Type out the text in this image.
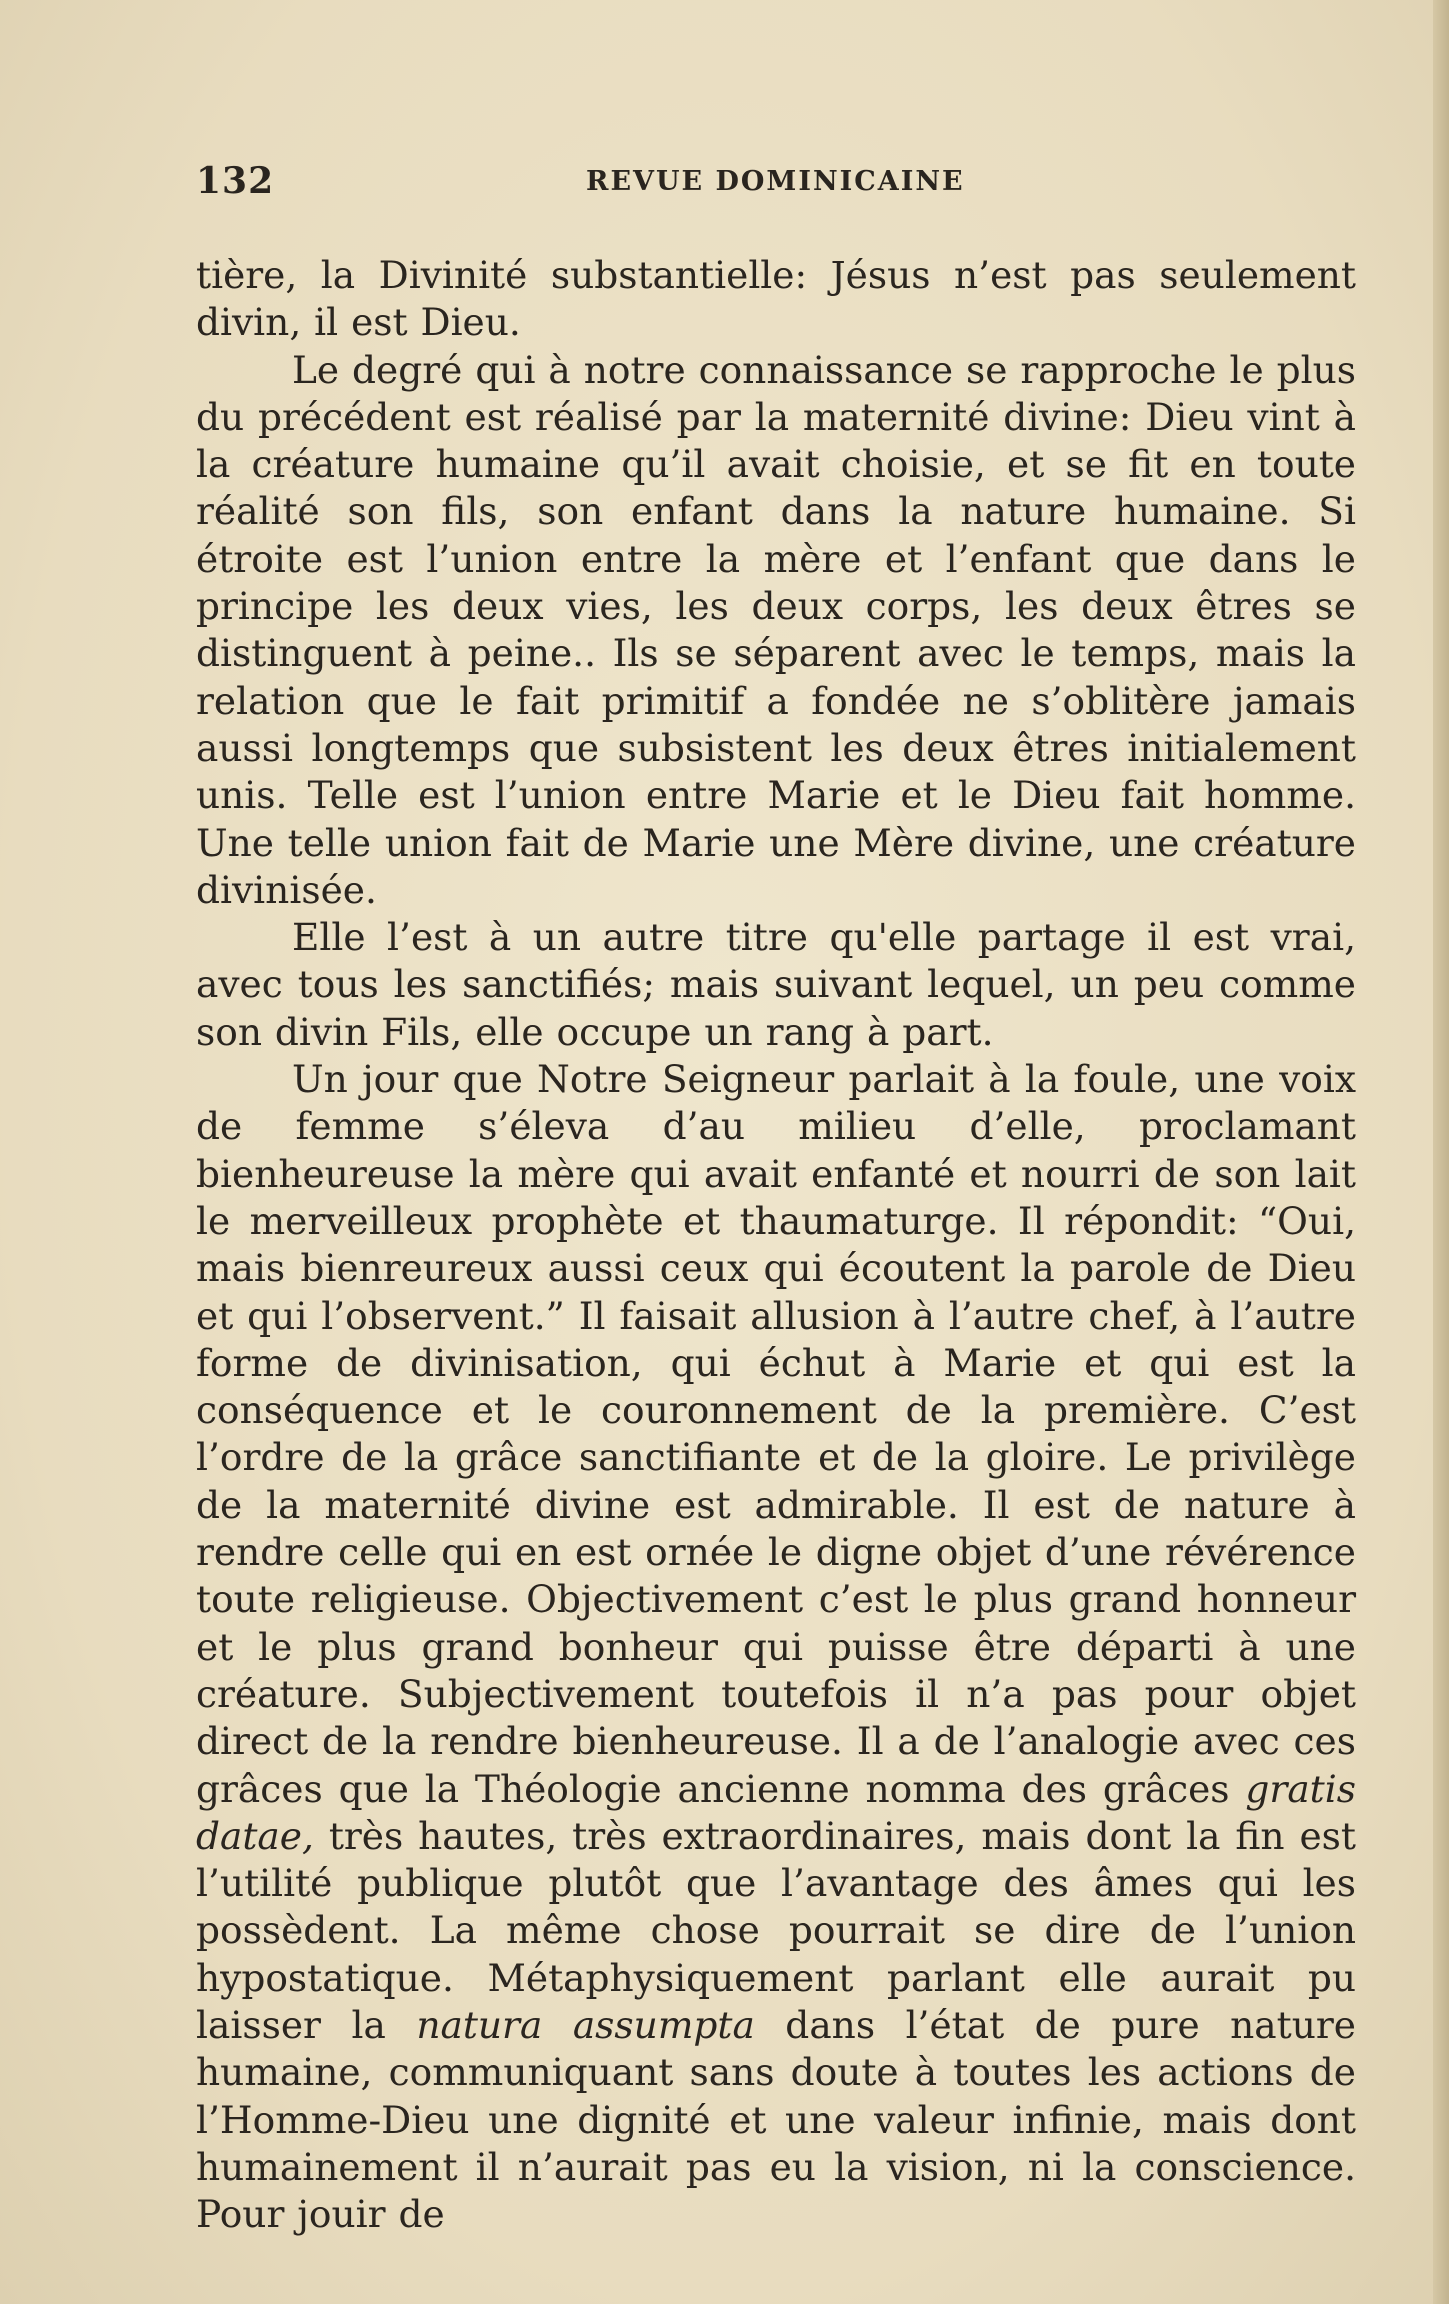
132	REVUE DOMINICAINE

tière, la Divinité substantielle: Jésus n’est pas seulement divin, il est Dieu.

Le degré qui à notre connaissance se rapproche le plus du précédent est réalisé par la maternité divine: Dieu vint à la créature humaine qu’il avait choisie, et se fit en toute réalité son fils, son enfant dans la nature humaine. Si étroite est l’union entre la mère et l’enfant que dans le principe les deux vies, les deux corps, les deux êtres se distinguent à peine.. Ils se séparent avec le temps, mais la relation que le fait primitif a fondée ne s’oblitère jamais aussi longtemps que subsistent les deux êtres initialement unis. Telle est l’union entre Marie et le Dieu fait homme. Une telle union fait de Marie une Mère divine, une créature divinisée.

Elle l’est à un autre titre qu'elle partage il est vrai, avec tous les sanctifiés; mais suivant lequel, un peu comme son divin Fils, elle occupe un rang à part.

Un jour que Notre Seigneur parlait à la foule, une voix de femme s’éleva d’au milieu d’elle, proclamant bienheureuse la mère qui avait enfanté et nourri de son lait le merveilleux prophète et thaumaturge. Il répondit: “Oui, mais bienreureux aussi ceux qui écoutent la parole de Dieu et qui l’observent.” Il faisait allusion à l’autre chef, à l’autre forme de divinisation, qui échut à Marie et qui est la conséquence et le couronnement de la première. C’est l’ordre de la grâce sanctifiante et de la gloire. Le privilège de la maternité divine est admirable. Il est de nature à rendre celle qui en est ornée le digne objet d’une révérence toute religieuse. Objectivement c’est le plus grand honneur et le plus grand bonheur qui puisse être départi à une créature. Subjectivement toutefois il n’a pas pour objet direct de la rendre bienheureuse. Il a de l’analogie avec ces grâces que la Théologie ancienne nomma des grâces gratis datae, très hautes, très extraordinaires, mais dont la fin est l’utilité publique plutôt que l’avantage des âmes qui les possèdent. La même chose pourrait se dire de l’union hypostatique. Métaphysiquement parlant elle aurait pu laisser la natura assumpta dans l’état de pure nature humaine, communiquant sans doute à toutes les actions de l’Homme-Dieu une dignité et une valeur infinie, mais dont humainement il n’aurait pas eu la vision, ni la conscience. Pour jouir de
